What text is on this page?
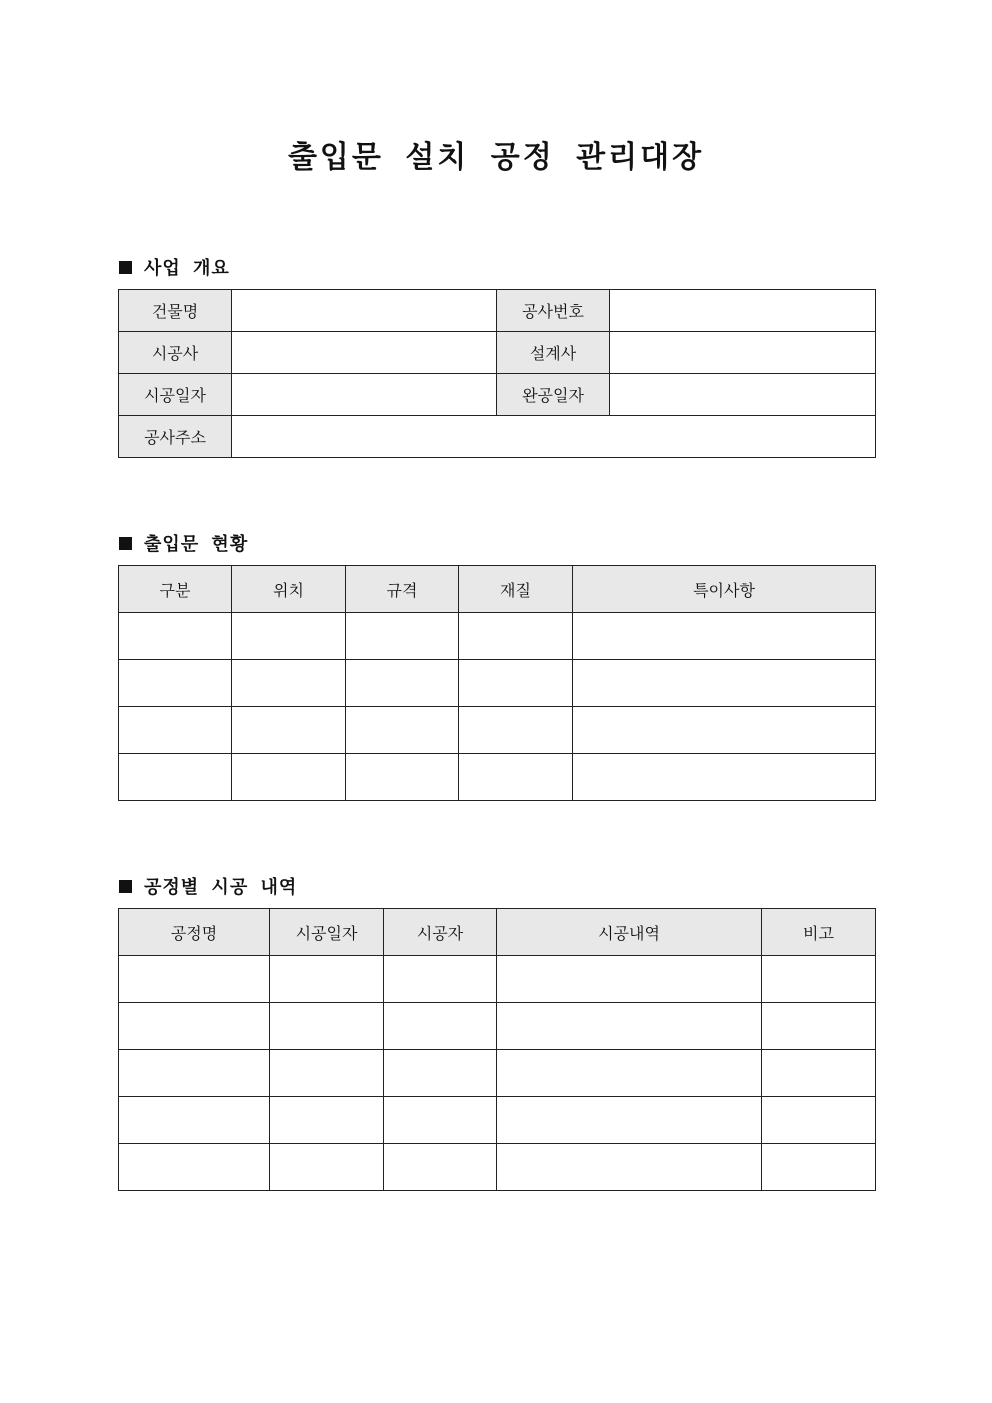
출입문 설치 공정 관리대장
사업 개요
건물명		공사번호	
시공사		설계사	
시공일자		완공일자	
공사주소			
출입문 현황
구분	위치	규격	재질	특이사항

공정별 시공 내역
공정명	시공일자	시공자	시공내역	비고
